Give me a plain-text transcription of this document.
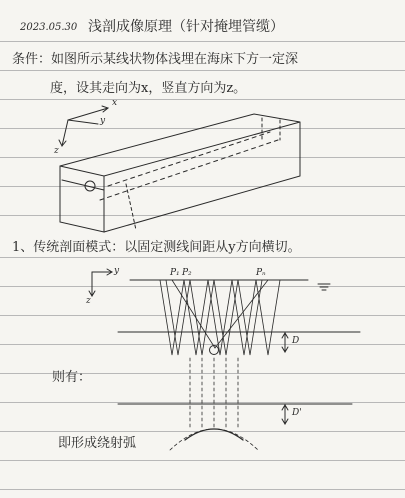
2023.05.30 浅剖成像原理（针对掩埋管缆）
条件：如图所示某线状物体浅埋在海床下方一定深
度，设其走向为x，竖直方向为z。
1、传统剖面模式：以固定测线间距从y方向横切。
则有：
即形成绕射弧
x
y
z
y
z
P₁ P₂	Pₙ
D
D'
